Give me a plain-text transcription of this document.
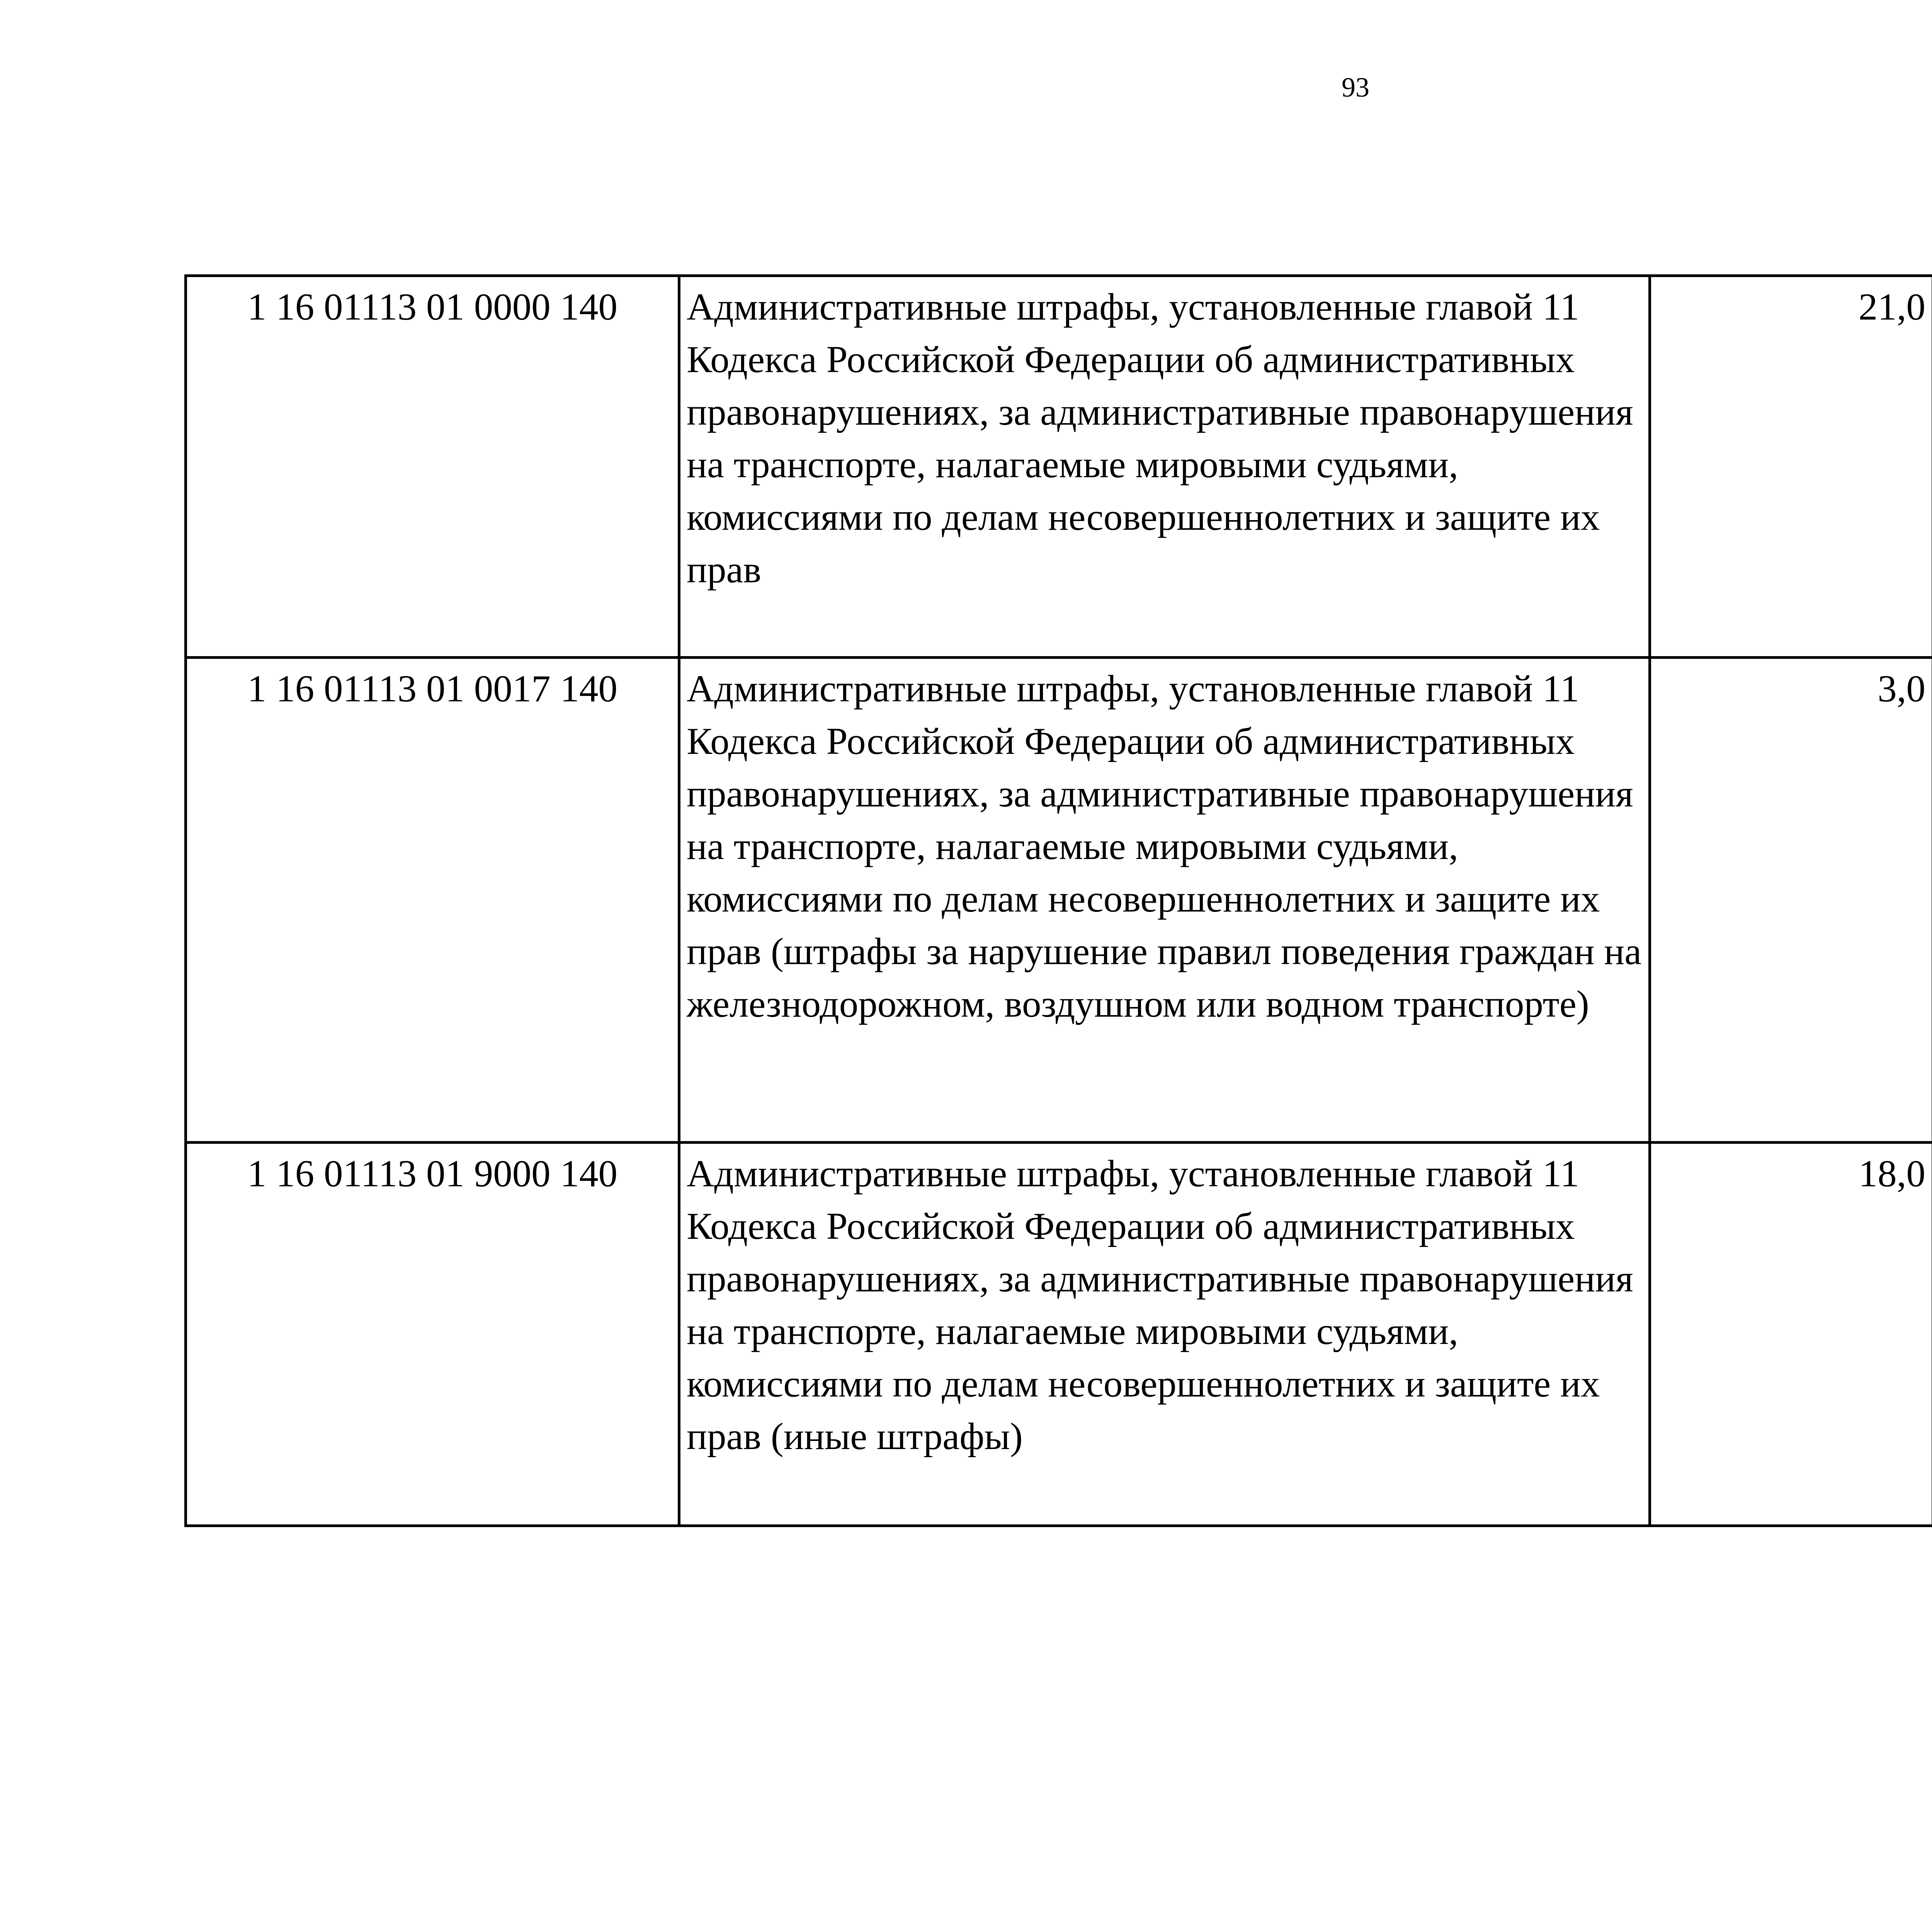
93
1 16 01113 01 0000 140	Административные штрафы, установленные главой 11 Кодекса Российской Федерации об административных правонарушениях, за административные правонарушения на транспорте, налагаемые мировыми судьями, комиссиями по делам несовершеннолетних и защите их прав	21,0		
1 16 01113 01 0017 140	Административные штрафы, установленные главой 11 Кодекса Российской Федерации об административных правонарушениях, за административные правонарушения на транспорте, налагаемые мировыми судьями, комиссиями по делам несовершеннолетних и защите их прав (штрафы за нарушение правил поведения граждан на железнодорожном, воздушном или водном транспорте)	3,0		
1 16 01113 01 9000 140	Административные штрафы, установленные главой 11 Кодекса Российской Федерации об административных правонарушениях, за административные правонарушения на транспорте, налагаемые мировыми судьями, комиссиями по делам несовершеннолетних и защите их прав (иные штрафы)	18,0		
